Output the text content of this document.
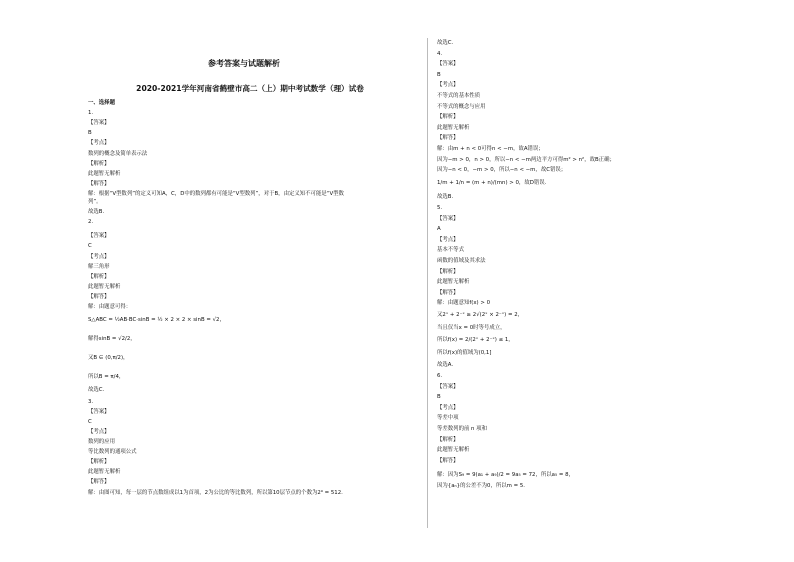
参考答案与试题解析
2020-2021学年河南省鹤壁市高二（上）期中考试数学（理）试卷
一、选择题
1.
【答案】
B
【考点】
数列的概念及简单表示法
【解析】
此题暂无解析
【解答】
解：根据“V型数列”的定义可知A，C，D中的数列都有可能是“V型数列”，对于B，由定义知不可能是“V型数
列”。
故选B.
2.
【答案】
C
【考点】
解三角形
【解析】
此题暂无解析
【解答】
解：由题意可得：
S△ABC = ½AB·BC·sinB = ½ × 2 × 2 × sinB = √2，
解得sinB = √2/2，
又B ∈ (0,π/2)，
所以B = π/4，
故选C.
3.
【答案】
C
【考点】
数列的应用
等比数列的通项公式
【解析】
此题暂无解析
【解答】
解：由图可知，每一层的节点数组成以1为首项，2为公比的等比数列，所以第10层节点的个数为2⁹ = 512.
故选C.
4.
【答案】
B
【考点】
不等式的基本性质
不等式的概念与应用
【解析】
此题暂无解析
【解答】
解：由m + n < 0可得n < −m，故A错误；
因为−m > 0，n > 0，所以−n < −m两边平方可得m² > n²，故B正确；
因为−n < 0，−m > 0，所以−n < −m，故C错误；
1/m + 1/n = (m + n)/(mn) > 0，故D错误.
故选B.
5.
【答案】
A
【考点】
基本不等式
函数的值域及其求法
【解析】
此题暂无解析
【解答】
解：由题意知f(x) > 0
又2ˣ + 2⁻ˣ ≥ 2√(2ˣ × 2⁻ˣ) = 2，
当且仅当x = 0时等号成立，
所以f(x) = 2/(2ˣ + 2⁻ˣ) ≤ 1，
所以f(x)的值域为(0,1]
故选A.
6.
【答案】
B
【考点】
等差中项
等差数列的前 n 项和
【解析】
此题暂无解析
【解答】
解：因为S₉ = 9(a₁ + a₉)/2 = 9a₅ = 72，所以a₅ = 8，
因为{aₙ}的公差不为0，所以m = 5.
